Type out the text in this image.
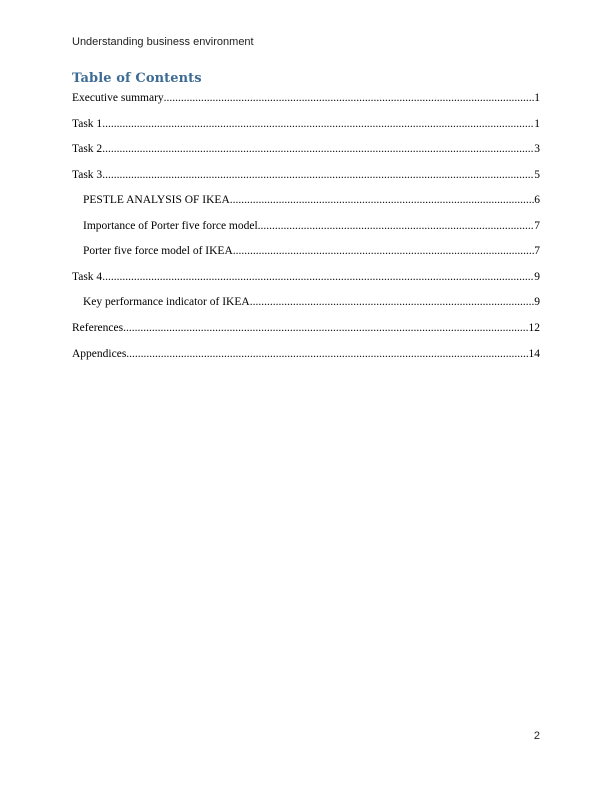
Understanding business environment
Table of Contents
Executive summary .....	1
Task 1 .....	1
Task 2 .....	3
Task 3 .....	5
PESTLE ANALYSIS OF IKEA .....	6
Importance of Porter five force model .....	7
Porter five force model of IKEA .....	7
Task 4 .....	9
Key performance indicator of IKEA .....	9
References .....	12
Appendices .....	14
2
